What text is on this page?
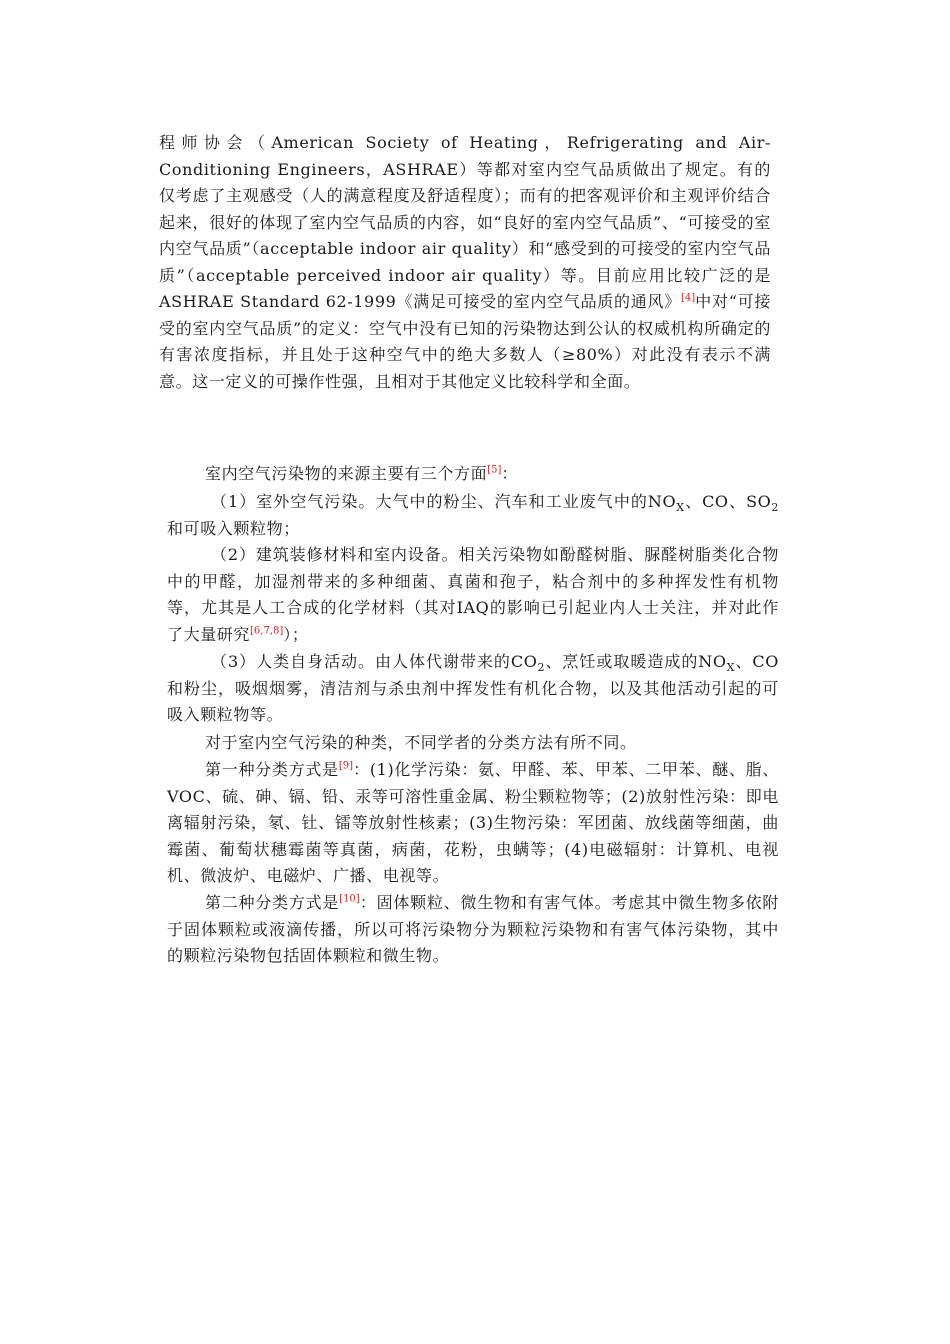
程师协会（American Society of Heating，Refrigerating and Air-Conditioning Engineers，ASHRAE）等都对室内空气品质做出了规定。有的仅考虑了主观感受（人的满意程度及舒适程度）；而有的把客观评价和主观评价结合起来，很好的体现了室内空气品质的内容，如“良好的室内空气品质”、“可接受的室内空气品质”（acceptable indoor air quality）和“感受到的可接受的室内空气品质”（acceptable perceived indoor air quality）等。目前应用比较广泛的是 ASHRAE Standard 62-1999《满足可接受的室内空气品质的通风》[4]中对“可接受的室内空气品质”的定义：空气中没有已知的污染物达到公认的权威机构所确定的有害浓度指标，并且处于这种空气中的绝大多数人（≥80%）对此没有表示不满意。这一定义的可操作性强，且相对于其他定义比较科学和全面。

室内空气污染物的来源主要有三个方面[5]：

（1）室外空气污染。大气中的粉尘、汽车和工业废气中的$NO_X$、CO、$SO_2$和可吸入颗粒物；

（2）建筑装修材料和室内设备。相关污染物如酚醛树脂、脲醛树脂类化合物中的甲醛，加湿剂带来的多种细菌、真菌和孢子，粘合剂中的多种挥发性有机物等，尤其是人工合成的化学材料（其对IAQ的影响已引起业内人士关注，并对此作了大量研究[6,7,8]）；

（3）人类自身活动。由人体代谢带来的$CO_2$、烹饪或取暖造成的$NO_X$、CO和粉尘，吸烟烟雾，清洁剂与杀虫剂中挥发性有机化合物，以及其他活动引起的可吸入颗粒物等。

对于室内空气污染的种类，不同学者的分类方法有所不同。

第一种分类方式是[9]：(1)化学污染：氨、甲醛、苯、甲苯、二甲苯、醚、脂、VOC、硫、砷、镉、铅、汞等可溶性重金属、粉尘颗粒物等；(2)放射性污染：即电离辐射污染，氡、钍、镭等放射性核素；(3)生物污染：军团菌、放线菌等细菌，曲霉菌、葡萄状穗霉菌等真菌，病菌，花粉，虫螨等；(4)电磁辐射：计算机、电视机、微波炉、电磁炉、广播、电视等。

第二种分类方式是[10]：固体颗粒、微生物和有害气体。考虑其中微生物多依附于固体颗粒或液滴传播，所以可将污染物分为颗粒污染物和有害气体污染物，其中的颗粒污染物包括固体颗粒和微生物。
